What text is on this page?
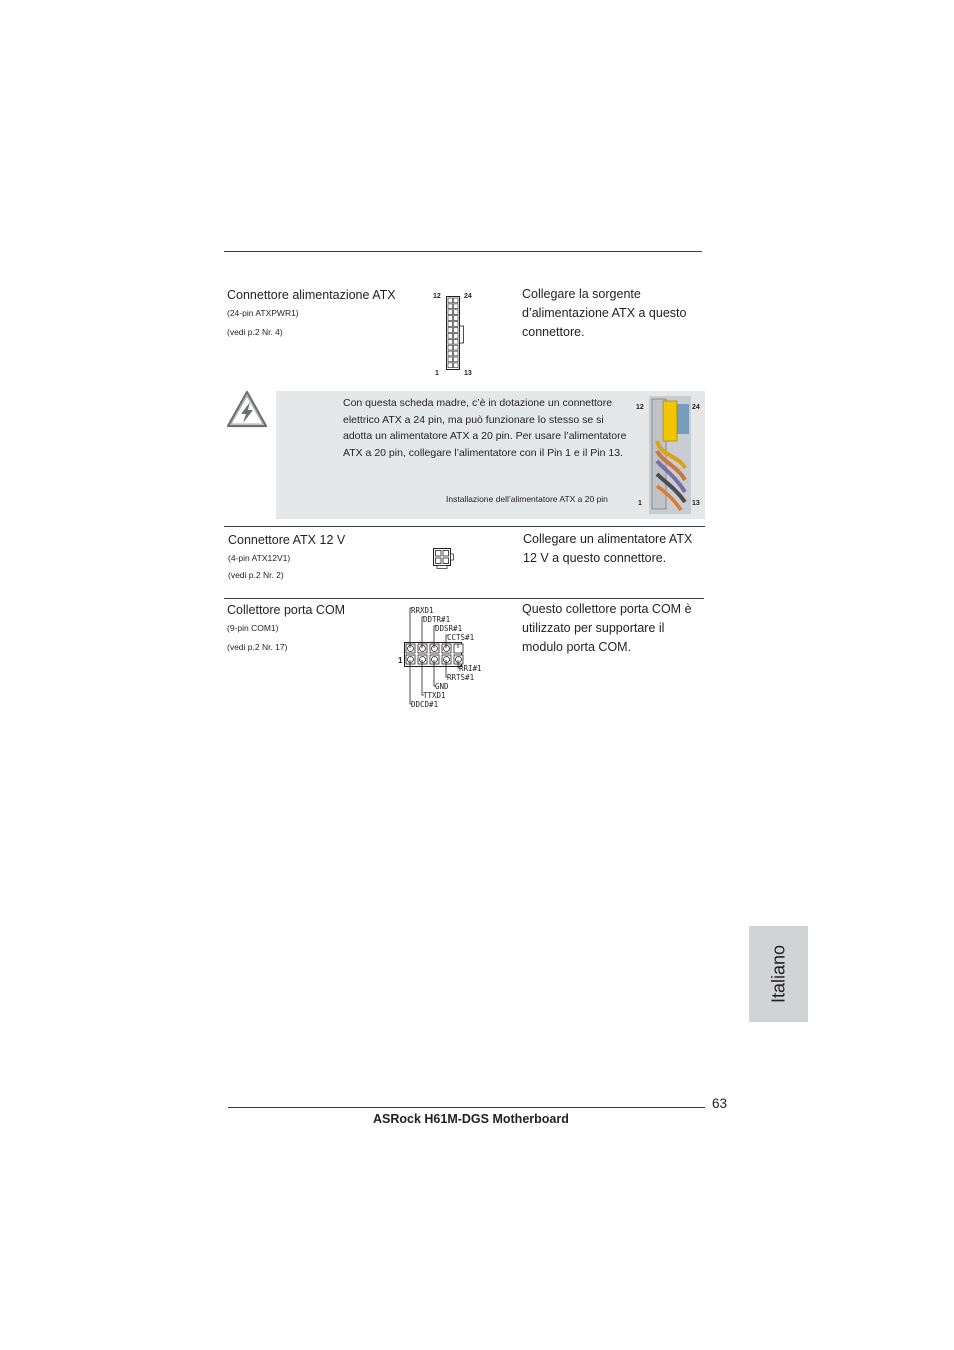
Connettore alimentazione ATX
(24-pin ATXPWR1)
(vedi p.2 Nr. 4)
12	24
1	13
Collegare la sorgente d’alimentazione ATX a questo connettore.
Con questa scheda madre, c’è in dotazione un connettore elettrico ATX a 24 pin, ma può funzionare lo stesso se si adotta un alimentatore ATX a 20 pin. Per usare l’alimentatore ATX a 20 pin, collegare l’alimentatore con il Pin 1 e il Pin 13.
Installazione dell’alimentatore ATX a 20 pin
12	24
1	13
Connettore ATX 12 V
(4-pin ATX12V1)
(vedi p.2 Nr. 2)
Collegare un alimentatore ATX 12 V a questo connettore.
Collettore porta COM
(9-pin COM1)
(vedi p.2 Nr. 17)
RRXD1
DDTR#1
DDSR#1
CCTS#1
RRI#1
RRTS#1
GND
TTXD1
DDCD#1
1
Questo collettore porta COM è utilizzato per supportare il modulo porta COM.
Italiano
63
ASRock H61M-DGS Motherboard
